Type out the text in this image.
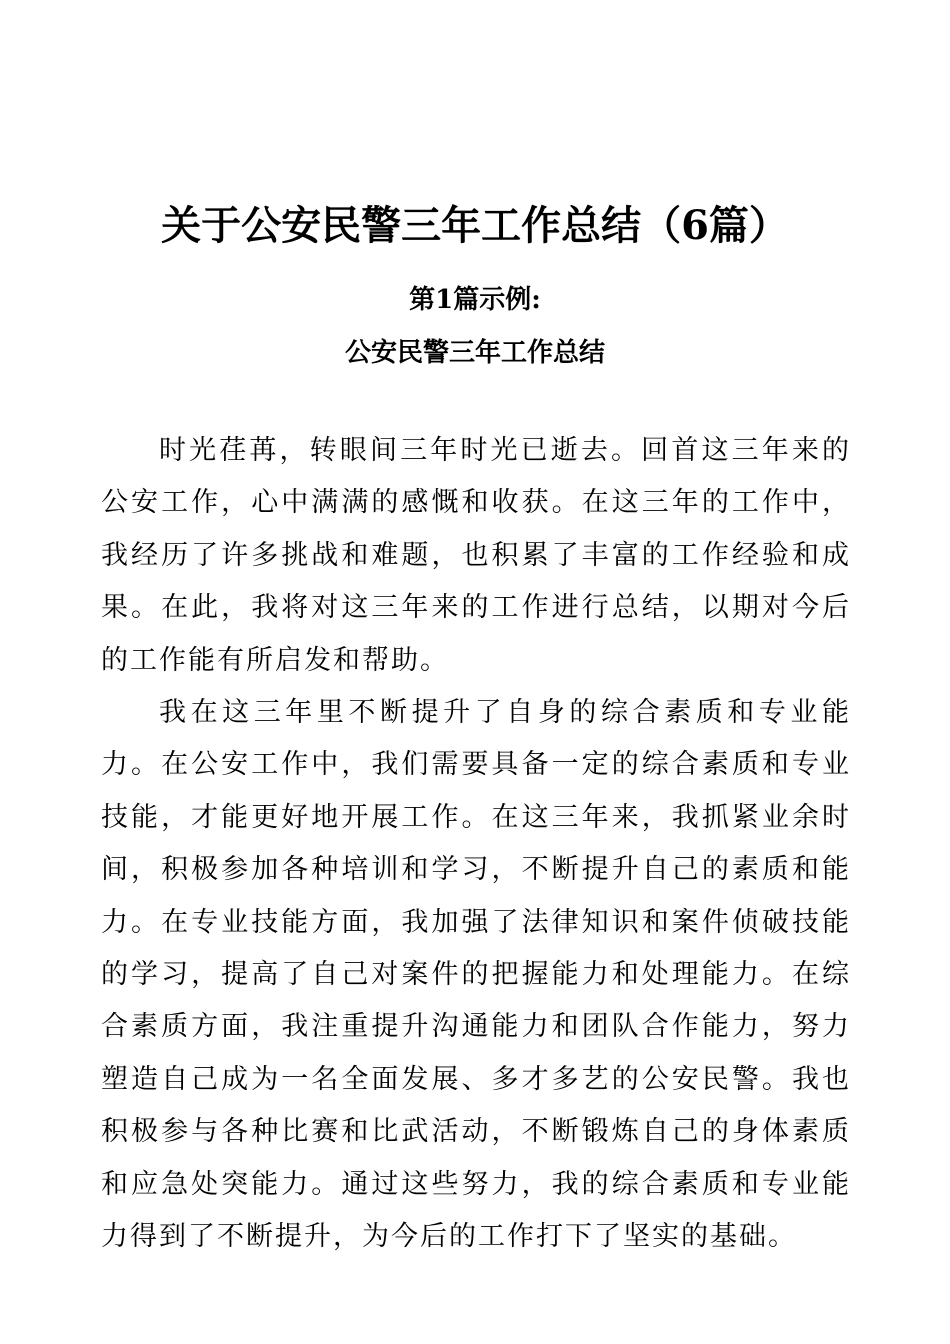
关于公安民警三年工作总结（6篇）
第1篇示例:
公安民警三年工作总结

时光荏苒，转眼间三年时光已逝去。回首这三年来的公安工作，心中满满的感慨和收获。在这三年的工作中，我经历了许多挑战和难题，也积累了丰富的工作经验和成果。在此，我将对这三年来的工作进行总结，以期对今后的工作能有所启发和帮助。

我在这三年里不断提升了自身的综合素质和专业能力。在公安工作中，我们需要具备一定的综合素质和专业技能，才能更好地开展工作。在这三年来，我抓紧业余时间，积极参加各种培训和学习，不断提升自己的素质和能力。在专业技能方面，我加强了法律知识和案件侦破技能的学习，提高了自己对案件的把握能力和处理能力。在综合素质方面，我注重提升沟通能力和团队合作能力，努力塑造自己成为一名全面发展、多才多艺的公安民警。我也积极参与各种比赛和比武活动，不断锻炼自己的身体素质和应急处突能力。通过这些努力，我的综合素质和专业能力得到了不断提升，为今后的工作打下了坚实的基础。
